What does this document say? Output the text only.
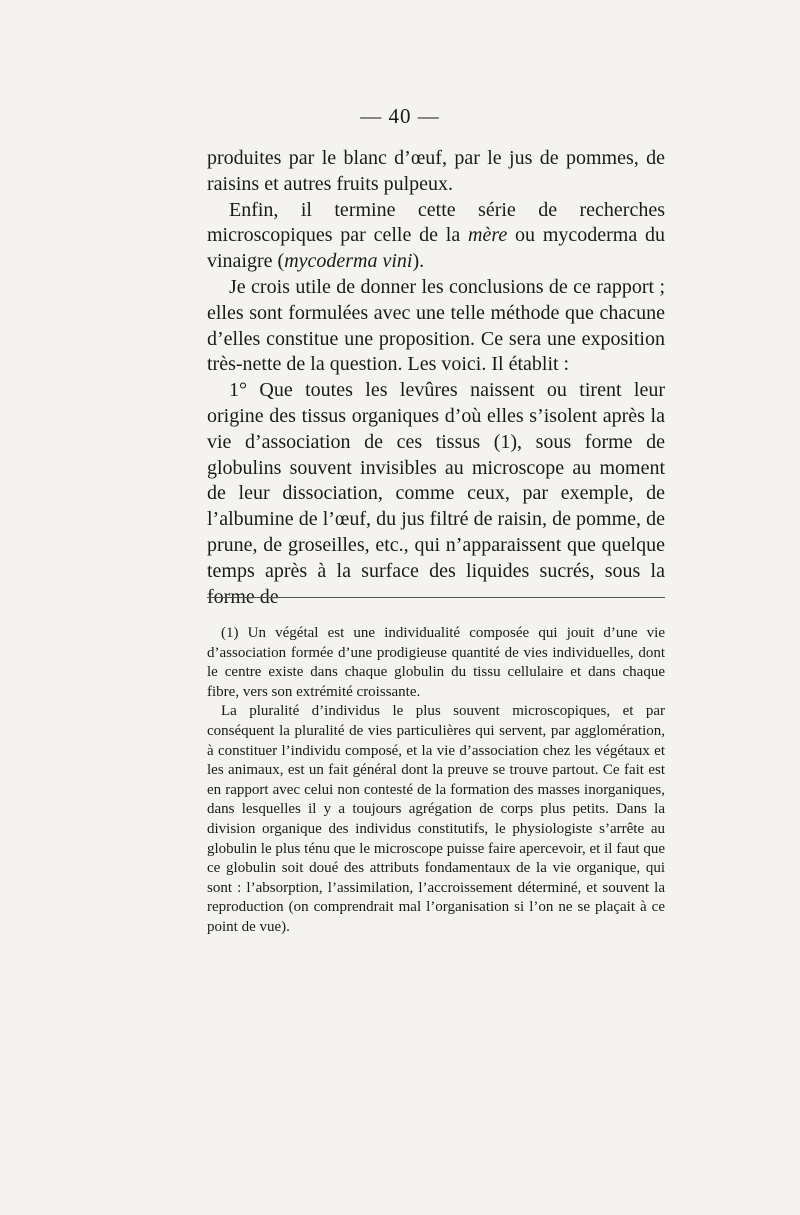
— 40 —

produites par le blanc d’œuf, par le jus de pommes, de raisins et autres fruits pulpeux.

Enfin, il termine cette série de recherches microscopiques par celle de la mère ou mycoderma du vinaigre (mycoderma vini).

Je crois utile de donner les conclusions de ce rapport ; elles sont formulées avec une telle méthode que chacune d’elles constitue une proposition. Ce sera une exposition très-nette de la question. Les voici. Il établit :

1° Que toutes les levûres naissent ou tirent leur origine des tissus organiques d’où elles s’isolent après la vie d’association de ces tissus (1), sous forme de globulins souvent invisibles au microscope au moment de leur dissociation, comme ceux, par exemple, de l’albumine de l’œuf, du jus filtré de raisin, de pomme, de prune, de groseilles, etc., qui n’apparaissent que quelque temps après à la surface des liquides sucrés, sous la forme de

(1) Un végétal est une individualité composée qui jouit d’une vie d’association formée d’une prodigieuse quantité de vies individuelles, dont le centre existe dans chaque globulin du tissu cellulaire et dans chaque fibre, vers son extrémité croissante.

La pluralité d’individus le plus souvent microscopiques, et par conséquent la pluralité de vies particulières qui servent, par agglomération, à constituer l’individu composé, et la vie d’association chez les végétaux et les animaux, est un fait général dont la preuve se trouve partout. Ce fait est en rapport avec celui non contesté de la formation des masses inorganiques, dans lesquelles il y a toujours agrégation de corps plus petits. Dans la division organique des individus constitutifs, le physiologiste s’arrête au globulin le plus ténu que le microscope puisse faire apercevoir, et il faut que ce globulin soit doué des attributs fondamentaux de la vie organique, qui sont : l’absorption, l’assimilation, l’accroissement déterminé, et souvent la reproduction (on comprendrait mal l’organisation si l’on ne se plaçait à ce point de vue).
